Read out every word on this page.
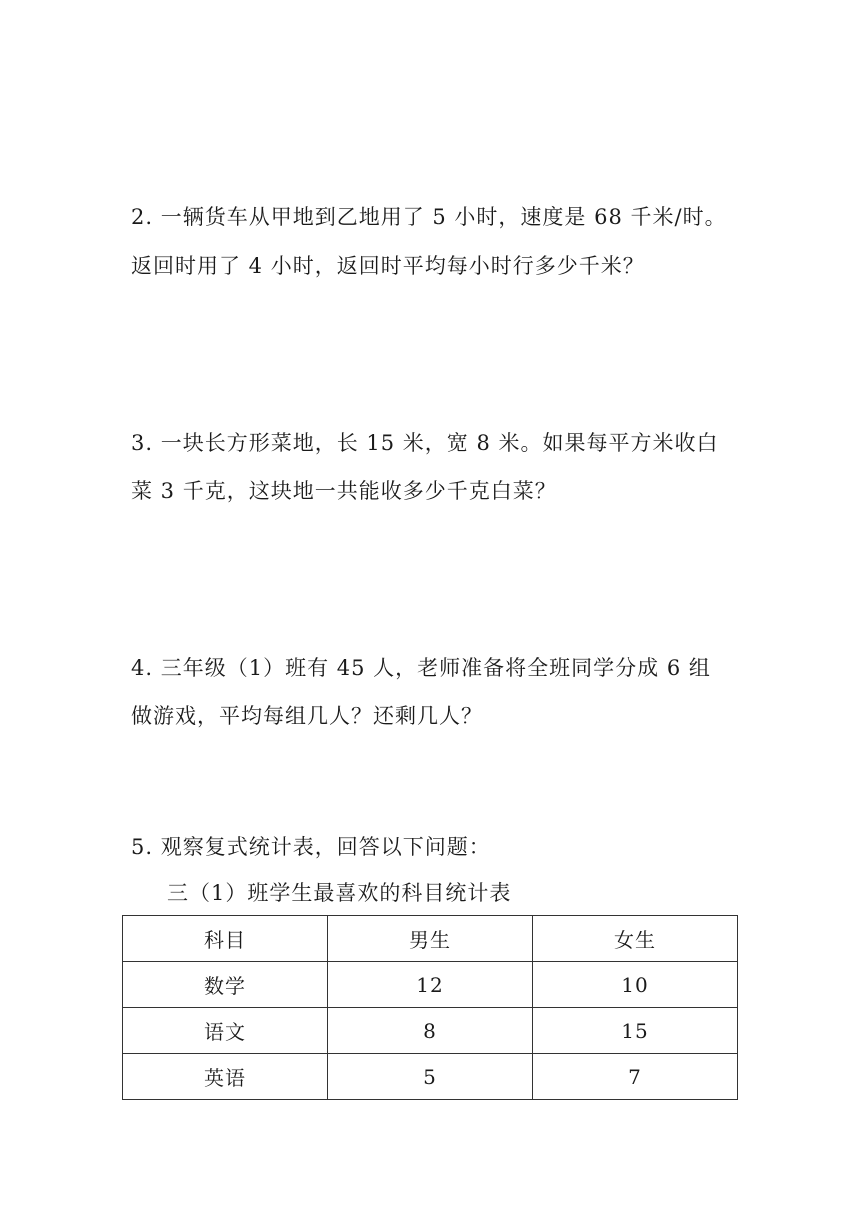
2. 一辆货车从甲地到乙地用了 5 小时，速度是 68 千米/时。
返回时用了 4 小时，返回时平均每小时行多少千米？
3. 一块长方形菜地，长 15 米，宽 8 米。如果每平方米收白
菜 3 千克，这块地一共能收多少千克白菜？
4. 三年级（1）班有 45 人，老师准备将全班同学分成 6 组
做游戏，平均每组几人？还剩几人？
5. 观察复式统计表，回答以下问题：
三（1）班学生最喜欢的科目统计表
科目	男生	女生
数学	12	10
语文	8	15
英语	5	7
